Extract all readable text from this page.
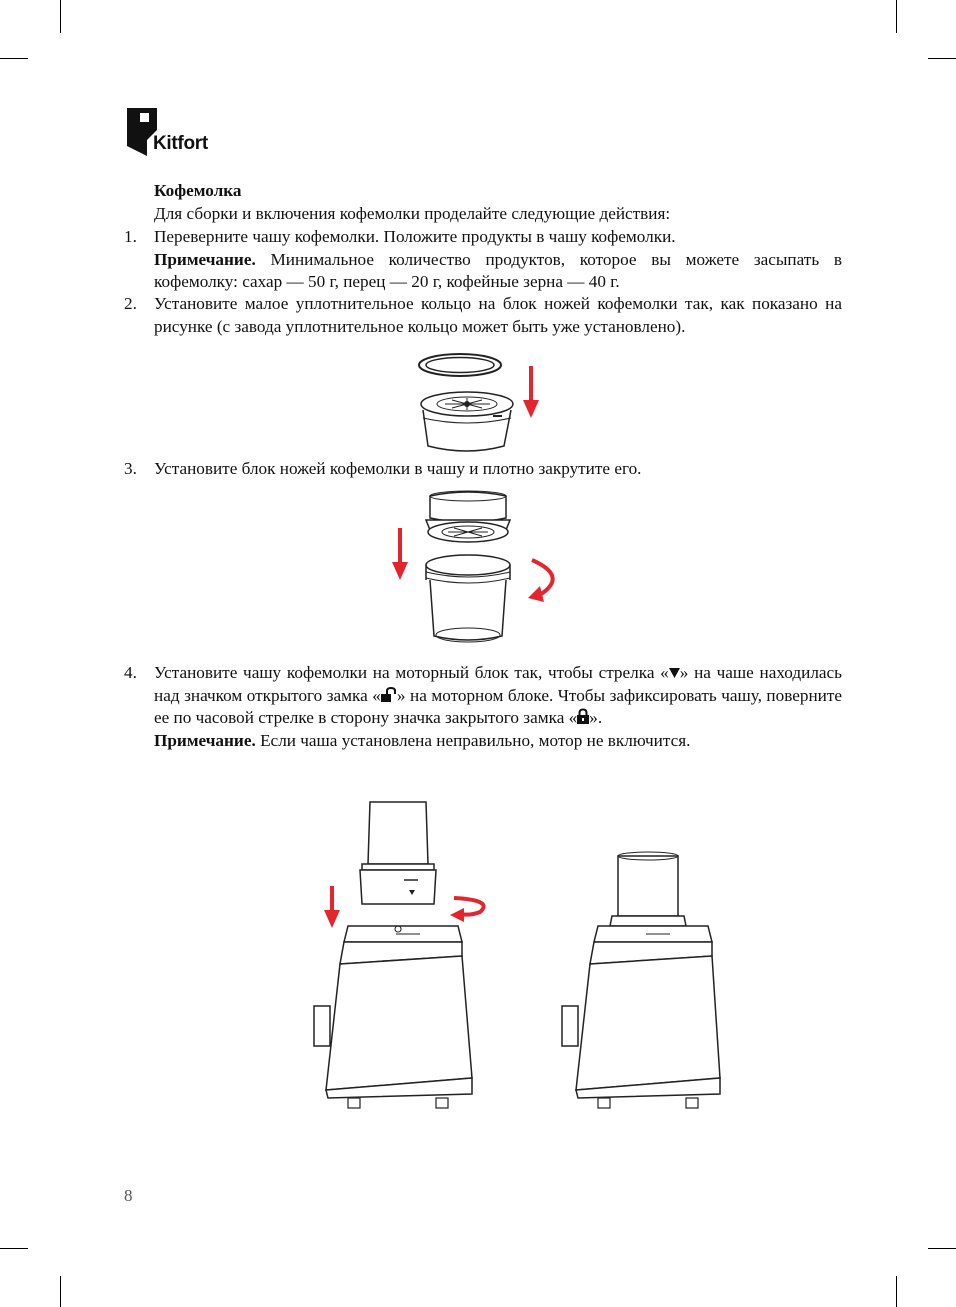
Kitfort
Кофемолка
Для сборки и включения кофемолки проделайте следующие действия:
1. Переверните чашу кофемолки. Положите продукты в чашу кофемолки.
Примечание. Минимальное количество продуктов, которое вы можете засыпать в кофемолку: сахар — 50 г, перец — 20 г, кофейные зерна — 40 г.
2. Установите малое уплотнительное кольцо на блок ножей кофемолки так, как показано на рисунке (с завода уплотнительное кольцо может быть уже установлено).
3. Установите блок ножей кофемолки в чашу и плотно закрутите его.
4. Установите чашу кофемолки на моторный блок так, чтобы стрелка « » на чаше находилась над значком открытого замка « » на моторном блоке. Чтобы зафиксировать чашу, поверните ее по часовой стрелке в сторону значка закрытого замка « ».
Примечание. Если чаша установлена неправильно, мотор не включится.
8
